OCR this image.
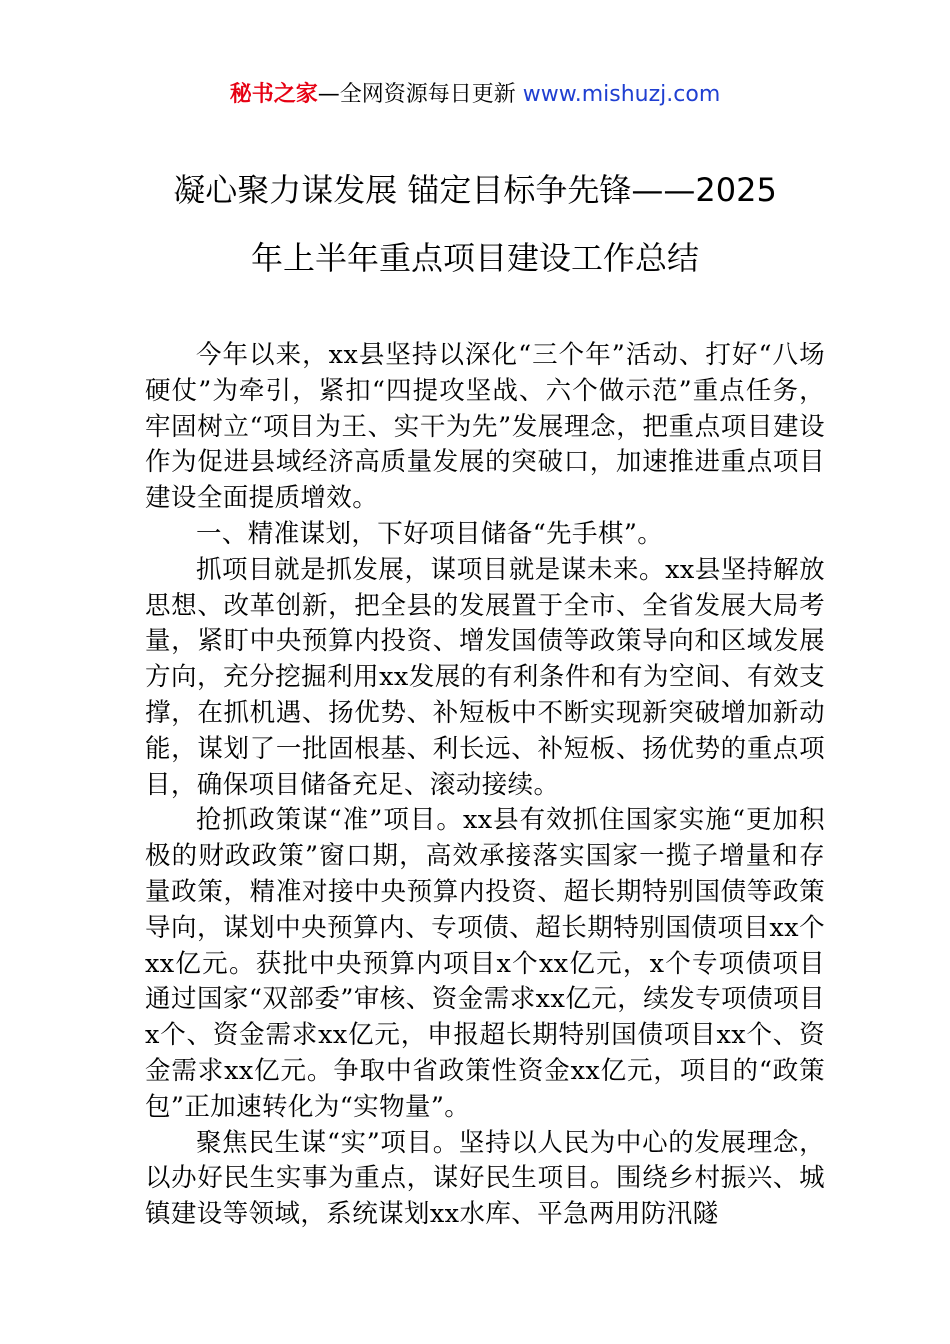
秘书之家—全网资源每日更新 www.mishuzj.com
凝心聚力谋发展 锚定目标争先锋——2025
年上半年重点项目建设工作总结

今年以来，xx县坚持以深化“三个年”活动、打好“八场硬仗”为牵引，紧扣“四提攻坚战、六个做示范”重点任务，牢固树立“项目为王、实干为先”发展理念，把重点项目建设作为促进县域经济高质量发展的突破口，加速推进重点项目建设全面提质增效。

一、精准谋划，下好项目储备“先手棋”。

抓项目就是抓发展，谋项目就是谋未来。xx县坚持解放思想、改革创新，把全县的发展置于全市、全省发展大局考量，紧盯中央预算内投资、增发国债等政策导向和区域发展方向，充分挖掘利用xx发展的有利条件和有为空间、有效支撑，在抓机遇、扬优势、补短板中不断实现新突破增加新动能，谋划了一批固根基、利长远、补短板、扬优势的重点项目，确保项目储备充足、滚动接续。

抢抓政策谋“准”项目。xx县有效抓住国家实施“更加积极的财政政策”窗口期，高效承接落实国家一揽子增量和存量政策，精准对接中央预算内投资、超长期特别国债等政策导向，谋划中央预算内、专项债、超长期特别国债项目xx个xx亿元。获批中央预算内项目x个xx亿元，x个专项债项目通过国家“双部委”审核、资金需求xx亿元，续发专项债项目x个、资金需求xx亿元，申报超长期特别国债项目xx个、资金需求xx亿元。争取中省政策性资金xx亿元，项目的“政策包”正加速转化为“实物量”。

聚焦民生谋“实”项目。坚持以人民为中心的发展理念，以办好民生实事为重点，谋好民生项目。围绕乡村振兴、城镇建设等领域，系统谋划xx水库、平急两用防汛隧
